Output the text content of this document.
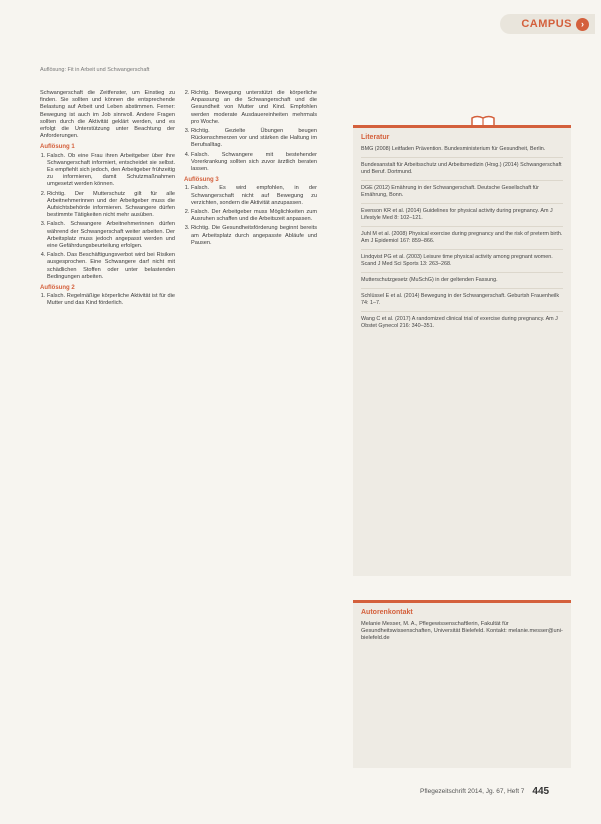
CAMPUS	›
Auflösung: Fit in Arbeit und Schwangerschaft

Schwangerschaft die Zeitfenster, um Einstieg zu finden. Sie sollten und können die entsprechende Belastung auf Arbeit und Leben abstimmen. Ferner: Bewegung ist auch im Job sinnvoll. Andere Fragen sollten durch die Aktivität geklärt werden, und es erfolgt die Unterstützung unter Beachtung der Anforderungen.

Auflösung 1
1. Falsch. Ob eine Frau ihren Arbeitgeber über ihre Schwangerschaft informiert, entscheidet sie selbst. Es empfiehlt sich jedoch, den Arbeitgeber frühzeitig zu informieren, damit Schutzmaßnahmen umgesetzt werden können.
2. Richtig. Der Mutterschutz gilt für alle Arbeitnehmerinnen und der Arbeitgeber muss die Aufsichtsbehörde informieren. Schwangere dürfen bestimmte Tätigkeiten nicht mehr ausüben.
3. Falsch. Schwangere Arbeitnehmerinnen dürfen während der Schwangerschaft weiter arbeiten. Der Arbeitsplatz muss jedoch angepasst werden und eine Gefährdungsbeurteilung erfolgen.
4. Falsch. Das Beschäftigungsverbot wird bei Risiken ausgesprochen. Eine Schwangere darf nicht mit schädlichen Stoffen oder unter belastenden Bedingungen arbeiten.
Auflösung 2
1. Falsch. Regelmäßige körperliche Aktivität ist für die Mutter und das Kind förderlich.
2. Richtig. Bewegung unterstützt die körperliche Anpassung an die Schwangerschaft und die Gesundheit von Mutter und Kind. Empfohlen werden moderate Ausdauereinheiten mehrmals pro Woche.
3. Richtig. Gezielte Übungen beugen Rückenschmerzen vor und stärken die Haltung im Berufsalltag.
4. Falsch. Schwangere mit bestehender Vorerkrankung sollten sich zuvor ärztlich beraten lassen.
Auflösung 3
1. Falsch. Es wird empfohlen, in der Schwangerschaft nicht auf Bewegung zu verzichten, sondern die Aktivität anzupassen.
2. Falsch. Der Arbeitgeber muss Möglichkeiten zum Ausruhen schaffen und die Arbeitszeit anpassen.
3. Richtig. Die Gesundheitsförderung beginnt bereits am Arbeitsplatz durch angepasste Abläufe und Pausen.
Literatur
BMG (2008) Leitfaden Prävention. Bundesministerium für Gesundheit, Berlin.
Bundesanstalt für Arbeitsschutz und Arbeitsmedizin (Hrsg.) (2014) Schwangerschaft und Beruf. Dortmund.
DGE (2012) Ernährung in der Schwangerschaft. Deutsche Gesellschaft für Ernährung, Bonn.
Evenson KR et al. (2014) Guidelines for physical activity during pregnancy. Am J Lifestyle Med 8: 102–121.
Juhl M et al. (2008) Physical exercise during pregnancy and the risk of preterm birth. Am J Epidemiol 167: 859–866.
Lindqvist PG et al. (2003) Leisure time physical activity among pregnant women. Scand J Med Sci Sports 13: 263–268.
Mutterschutzgesetz (MuSchG) in der geltenden Fassung.
Schlüssel E et al. (2014) Bewegung in der Schwangerschaft. Geburtsh Frauenheilk 74: 1–7.
Wang C et al. (2017) A randomized clinical trial of exercise during pregnancy. Am J Obstet Gynecol 216: 340–351.
Autorenkontakt
Melanie Messer, M. A., Pflegewissenschaftlerin, Fakultät für Gesundheitswissenschaften, Universität Bielefeld. Kontakt: melanie.messer@uni-bielefeld.de
Pflegezeitschrift 2014, Jg. 67, Heft 7 445
